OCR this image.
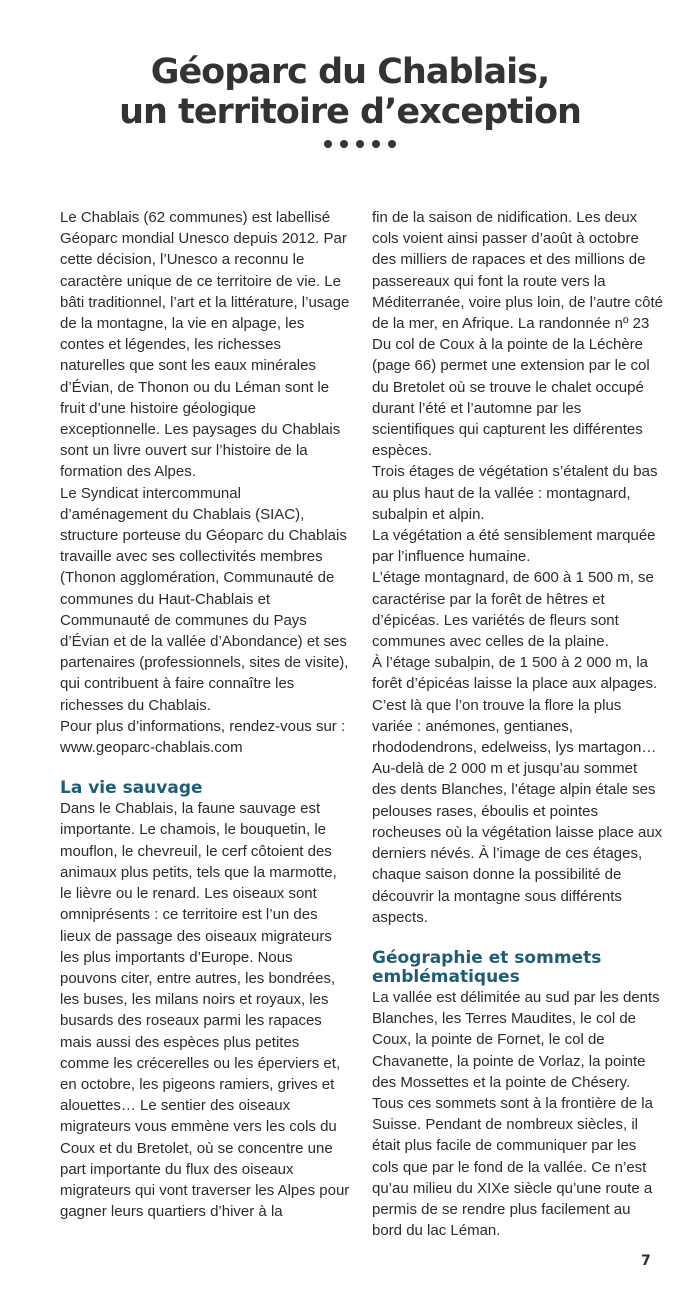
Géoparc du Chablais,
un territoire d’exception

Le Chablais (62 communes) est labellisé Géoparc mondial Unesco depuis 2012. Par cette décision, l’Unesco a reconnu le caractère unique de ce territoire de vie. Le bâti traditionnel, l’art et la littérature, l’usage de la montagne, la vie en alpage, les contes et légendes, les richesses naturelles que sont les eaux minérales d’Évian, de Thonon ou du Léman sont le fruit d’une histoire géologique exceptionnelle. Les paysages du Chablais sont un livre ouvert sur l’histoire de la formation des Alpes.

Le Syndicat intercommunal d’aménagement du Chablais (SIAC), structure porteuse du Géoparc du Chablais travaille avec ses collectivités membres (Thonon agglomération, Communauté de communes du Haut-Chablais et Communauté de communes du Pays d’Évian et de la vallée d’Abondance) et ses partenaires (professionnels, sites de visite), qui contribuent à faire connaître les richesses du Chablais.

Pour plus d’informations, rendez-vous sur : www.geoparc-chablais.com

La vie sauvage

Dans le Chablais, la faune sauvage est importante. Le chamois, le bouquetin, le mouflon, le chevreuil, le cerf côtoient des animaux plus petits, tels que la marmotte, le lièvre ou le renard. Les oiseaux sont omniprésents : ce territoire est l’un des lieux de passage des oiseaux migrateurs les plus importants d’Europe. Nous pouvons citer, entre autres, les bondrées, les buses, les milans noirs et royaux, les busards des roseaux parmi les rapaces mais aussi des espèces plus petites comme les crécerelles ou les éperviers et, en octobre, les pigeons ramiers, grives et alouettes… Le sentier des oiseaux migrateurs vous emmène vers les cols du Coux et du Bretolet, où se concentre une part importante du flux des oiseaux migrateurs qui vont traverser les Alpes pour gagner leurs quartiers d’hiver à la

fin de la saison de nidification. Les deux cols voient ainsi passer d’août à octobre des milliers de rapaces et des millions de passereaux qui font la route vers la Méditerranée, voire plus loin, de l’autre côté de la mer, en Afrique. La randonnée nº 23 Du col de Coux à la pointe de la Léchère (page 66) permet une extension par le col du Bretolet où se trouve le chalet occupé durant l’été et l’automne par les scientifiques qui capturent les différentes espèces.

Trois étages de végétation s’étalent du bas au plus haut de la vallée : montagnard, subalpin et alpin.

La végétation a été sensiblement marquée par l’influence humaine.

L’étage montagnard, de 600 à 1 500 m, se caractérise par la forêt de hêtres et d’épicéas. Les variétés de fleurs sont communes avec celles de la plaine.

À l’étage subalpin, de 1 500 à 2 000 m, la forêt d’épicéas laisse la place aux alpages. C’est là que l’on trouve la flore la plus variée : anémones, gentianes, rhododendrons, edelweiss, lys martagon…

Au-delà de 2 000 m et jusqu’au sommet des dents Blanches, l’étage alpin étale ses pelouses rases, éboulis et pointes rocheuses où la végétation laisse place aux derniers névés. À l’image de ces étages, chaque saison donne la possibilité de découvrir la montagne sous différents aspects.

Géographie et sommets
emblématiques

La vallée est délimitée au sud par les dents Blanches, les Terres Maudites, le col de Coux, la pointe de Fornet, le col de Chavanette, la pointe de Vorlaz, la pointe des Mossettes et la pointe de Chésery. Tous ces sommets sont à la frontière de la Suisse. Pendant de nombreux siècles, il était plus facile de communiquer par les cols que par le fond de la vallée. Ce n’est qu’au milieu du XIXe siècle qu’une route a permis de se rendre plus facilement au bord du lac Léman.

7
